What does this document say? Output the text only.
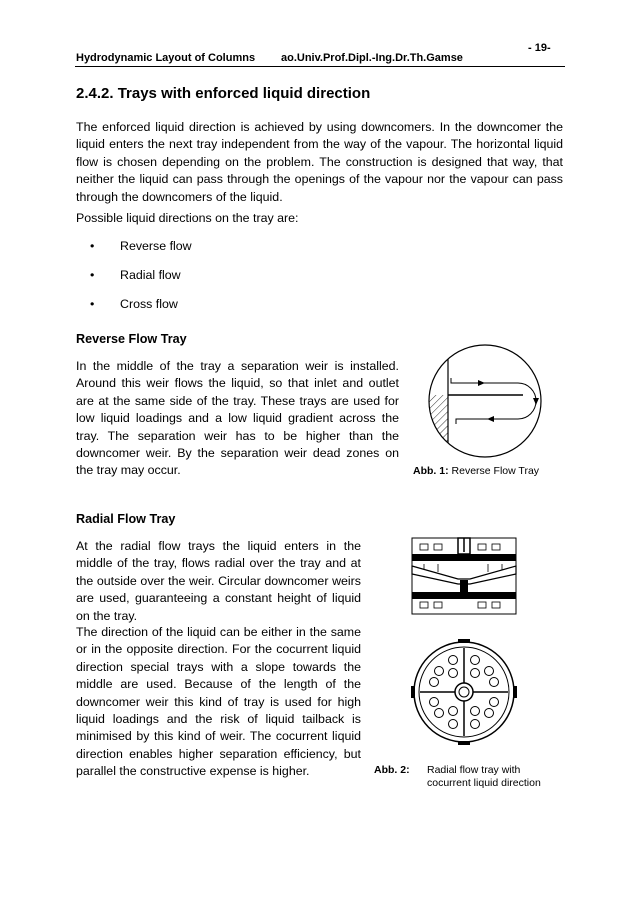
Hydrodynamic Layout of Columns ao.Univ.Prof.Dipl.-Ing.Dr.Th.Gamse
- 19-
2.4.2. Trays with enforced liquid direction
The enforced liquid direction is achieved by using downcomers. In the downcomer the liquid enters the next tray independent from the way of the vapour. The horizontal liquid flow is chosen depending on the problem. The construction is designed that way, that neither the liquid can pass through the openings of the vapour nor the vapour can pass through the downcomers of the liquid.
Possible liquid directions on the tray are:
• Reverse flow
• Radial flow
• Cross flow
Reverse Flow Tray
In the middle of the tray a separation weir is installed. Around this weir flows the liquid, so that inlet and outlet are at the same side of the tray. These trays are used for low liquid loadings and a low liquid gradient across the tray. The separation weir has to be higher than the downcomer weir. By the separation weir dead zones on the tray may occur.	Abb. 1: Reverse Flow Tray
Radial Flow Tray
At the radial flow trays the liquid enters in the middle of the tray, flows radial over the tray and at the outside over the weir. Circular downcomer weirs are used, guaranteeing a constant height of liquid on the tray.
The direction of the liquid can be either in the same or in the opposite direction. For the cocurrent liquid direction special trays with a slope towards the middle are used. Because of the length of the downcomer weir this kind of tray is used for high liquid loadings and the risk of liquid tailback is minimised by this kind of weir. The cocurrent liquid direction enables higher separation efficiency, but parallel the constructive expense is higher.	Abb. 2: Radial flow tray with
cocurrent liquid direction
